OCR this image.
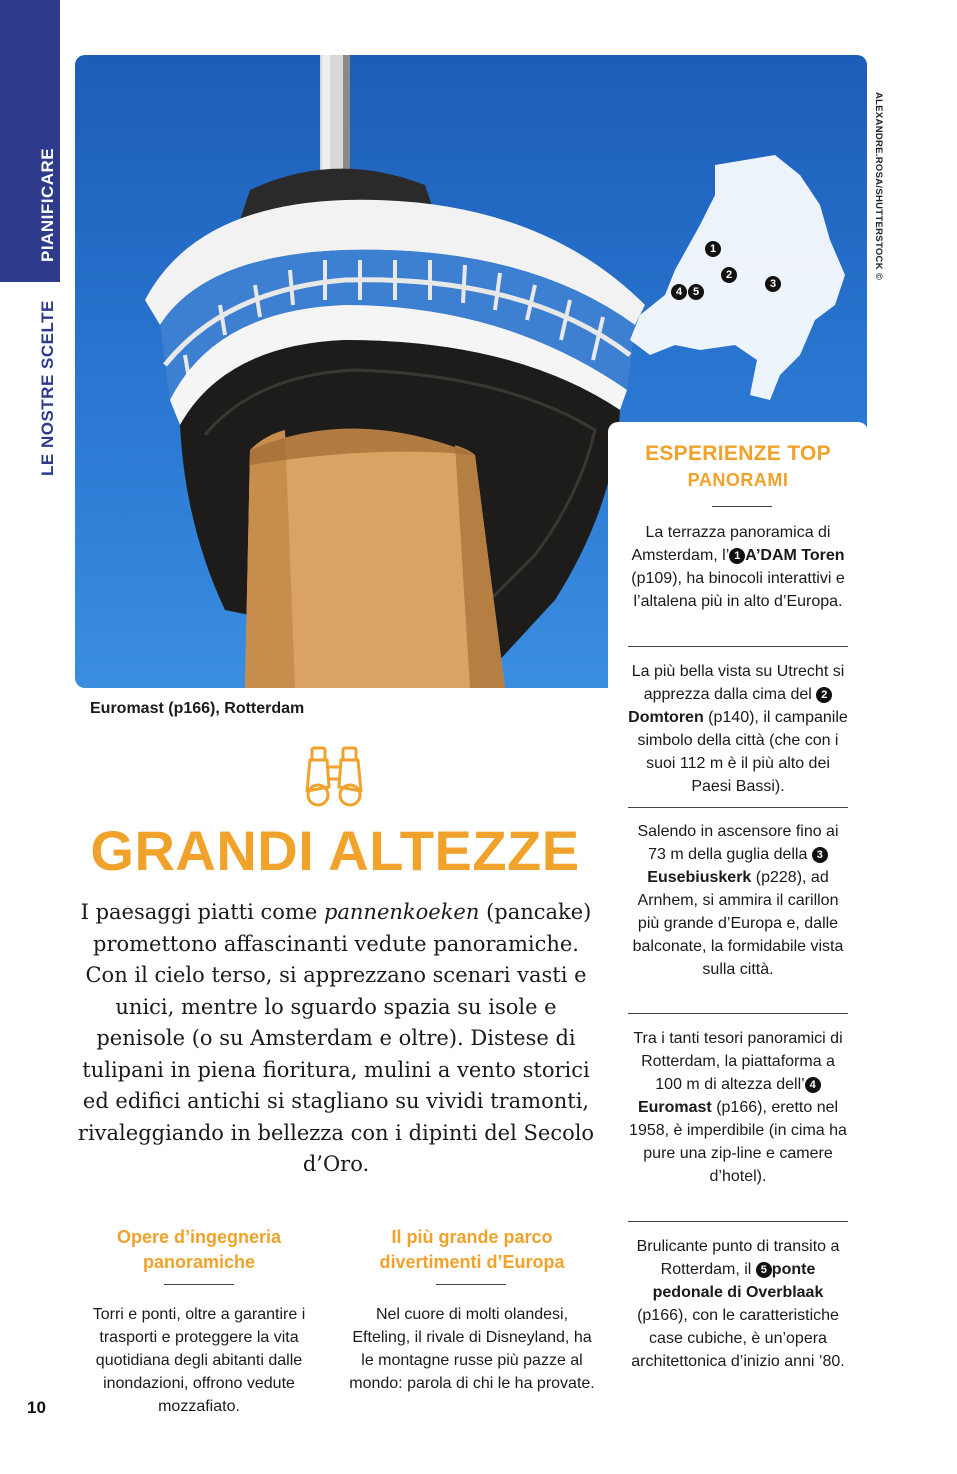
PIANIFICARE
LE NOSTRE SCELTE
1
2
3
4 5
ALEXANDRE.ROSA/SHUTTERSTOCK ©
Euromast (p166), Rotterdam
ESPERIENZE TOP
PANORAMI
La terrazza panoramica di Amsterdam, l’ 1 A’DAM Toren (p109), ha binocoli interattivi e l’altalena più in alto d’Europa.
La più bella vista su Utrecht si apprezza dalla cima del 2Domtoren (p140), il campanile simbolo della città (che con i suoi 112 m è il più alto dei Paesi Bassi).
Salendo in ascensore fino ai 73 m della guglia della 3Eusebiuskerk (p228), ad Arnhem, si ammira il carillon più grande d’Europa e, dalle balconate, la formidabile vista sulla città.
Tra i tanti tesori panoramici di Rotterdam, la piattaforma a 100 m di altezza dell’ 4Euromast (p166), eretto nel 1958, è imperdibile (in cima ha pure una zip-line e camere d’hotel).
Brulicante punto di transito a Rotterdam, il 5 ponte pedonale di Overblaak (p166), con le caratteristiche case cubiche, è un’opera architettonica d’inizio anni ’80.
GRANDI ALTEZZE
I paesaggi piatti come pannenkoeken (pancake) promettono affascinanti vedute panoramiche. Con il cielo terso, si apprezzano scenari vasti e unici, mentre lo sguardo spazia su isole e penisole (o su Amsterdam e oltre). Distese di tulipani in piena fioritura, mulini a vento storici ed edifici antichi si stagliano su vividi tramonti, rivaleggiando in bellezza con i dipinti del Secolo d’Oro.
Opere d’ingegneria panoramiche
Torri e ponti, oltre a garantire i trasporti e proteggere la vita quotidiana degli abitanti dalle inondazioni, offrono vedute mozzafiato.
Il più grande parco divertimenti d’Europa
Nel cuore di molti olandesi, Efteling, il rivale di Disneyland, ha le montagne russe più pazze al mondo: parola di chi le ha provate.
10
